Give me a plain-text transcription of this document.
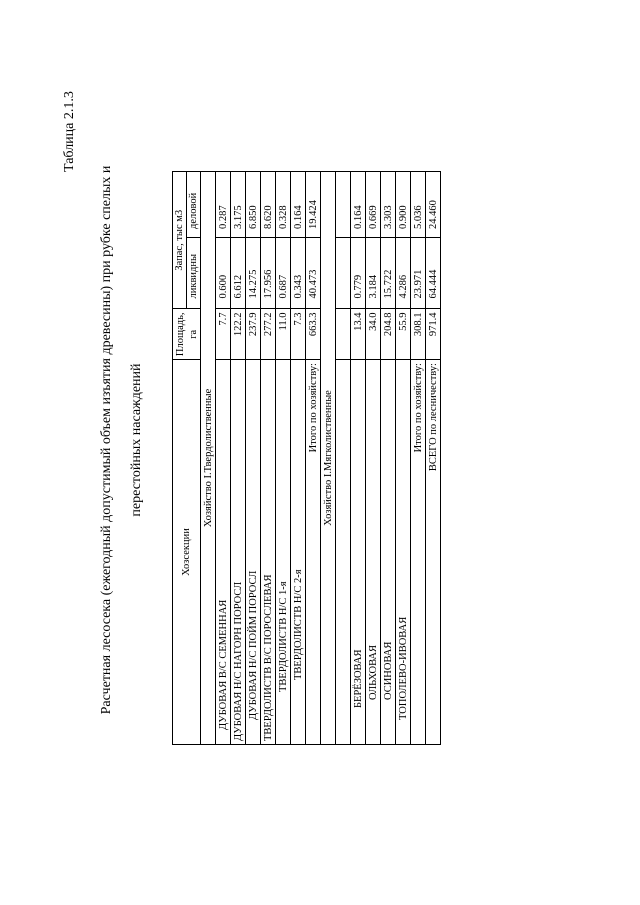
Таблица 2.1.3
Расчетная лесосека (ежегодный допустимый объем изъятия древесины) при рубке спелых и	перестойных насаждений
Хозсекции	Площадь, га	Запас, тыс м3	
		ликвидны	деловой
Хозяйство I.Твердолиственные			
ДУБОВАЯ В/С СЕМЕННАЯ	7.7	0.600	0.287
ДУБОВАЯ Н/С НАГОРН ПОРОСЛ	122.2	6.612	3.175
ДУБОВАЯ Н/С ПОЙМ ПОРОСЛ	237.9	14.275	6.850
ТВЕРДОЛИСТВ В/С ПОРОСЛЕВАЯ	277.2	17.956	8.620
ТВЕРДОЛИСТВ Н/С 1-я	11.0	0.687	0.328
ТВЕРДОЛИСТВ Н/С 2-я	7.3	0.343	0.164
Итого по хозяйству:	663.3	40.473	19.424
Хозяйство I.Мягколиственные			

БЕРЁЗОВАЯ	13.4	0.779	0.164
ОЛЬХОВАЯ	34.0	3.184	0.669
ОСИНОВАЯ	204.8	15.722	3.303
ТОПОЛЕВО-ИВОВАЯ	55.9	4.286	0.900
Итого по хозяйству:	308.1	23.971	5.036
ВСЕГО по лесничеству:	971.4	64.444	24.460
